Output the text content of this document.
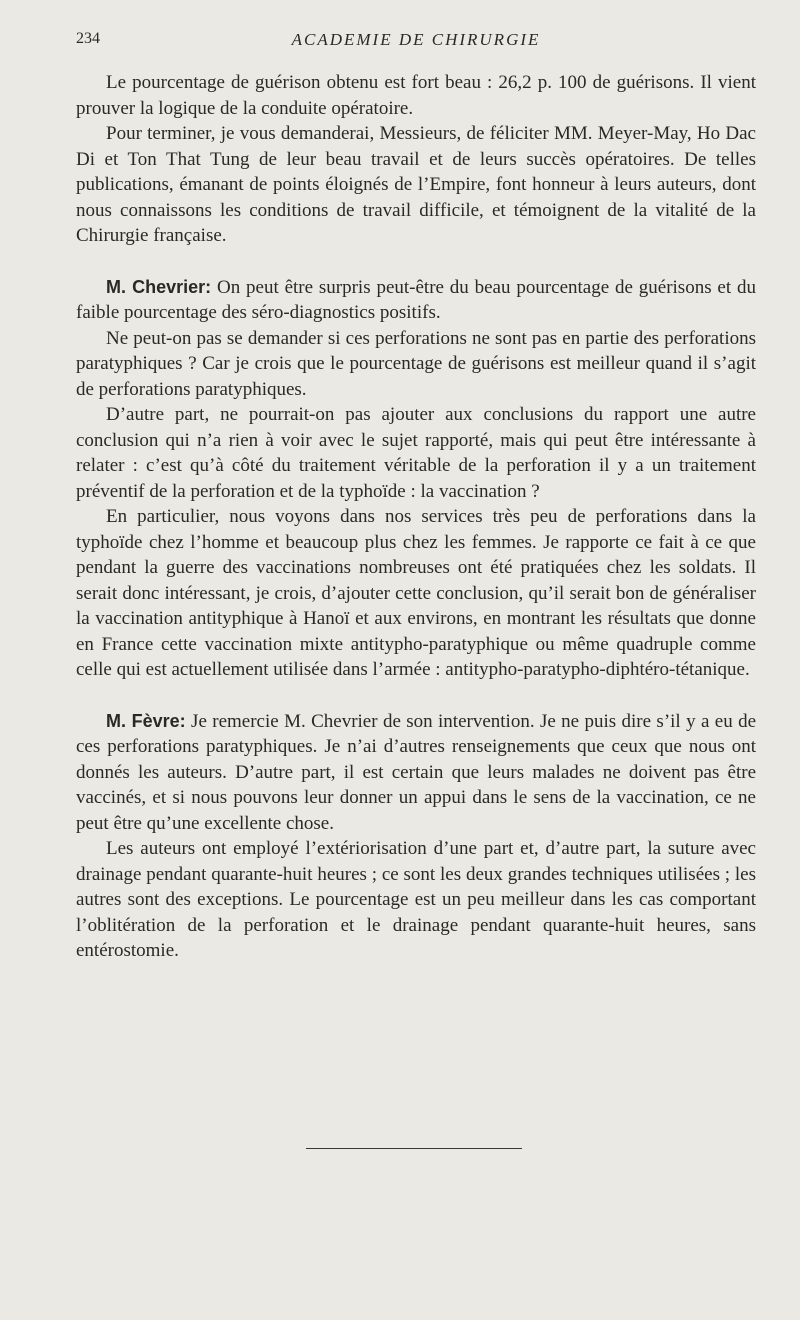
234	ACADEMIE DE CHIRURGIE

Le pourcentage de guérison obtenu est fort beau : 26,2 p. 100 de guérisons. Il vient prouver la logique de la conduite opératoire.

Pour terminer, je vous demanderai, Messieurs, de féliciter MM. Meyer-May, Ho Dac Di et Ton That Tung de leur beau travail et de leurs succès opératoires. De telles publications, émanant de points éloignés de l’Empire, font honneur à leurs auteurs, dont nous connaissons les conditions de travail difficile, et témoignent de la vitalité de la Chirurgie française.

M. Chevrier: On peut être surpris peut-être du beau pourcentage de guérisons et du faible pourcentage des séro-diagnostics positifs.

Ne peut-on pas se demander si ces perforations ne sont pas en partie des perforations paratyphiques ? Car je crois que le pourcentage de guérisons est meilleur quand il s’agit de perforations paratyphiques.

D’autre part, ne pourrait-on pas ajouter aux conclusions du rapport une autre conclusion qui n’a rien à voir avec le sujet rapporté, mais qui peut être intéressante à relater : c’est qu’à côté du traitement véritable de la perforation il y a un traitement préventif de la perforation et de la typhoïde : la vaccination ?

En particulier, nous voyons dans nos services très peu de perforations dans la typhoïde chez l’homme et beaucoup plus chez les femmes. Je rapporte ce fait à ce que pendant la guerre des vaccinations nombreuses ont été pratiquées chez les soldats. Il serait donc intéressant, je crois, d’ajouter cette conclusion, qu’il serait bon de généraliser la vaccination antityphique à Hanoï et aux environs, en montrant les résultats que donne en France cette vaccination mixte antitypho-paratyphique ou même quadruple comme celle qui est actuellement utilisée dans l’armée : antitypho-paratypho-diphtéro-tétanique.

M. Fèvre: Je remercie M. Chevrier de son intervention. Je ne puis dire s’il y a eu de ces perforations paratyphiques. Je n’ai d’autres renseignements que ceux que nous ont donnés les auteurs. D’autre part, il est certain que leurs malades ne doivent pas être vaccinés, et si nous pouvons leur donner un appui dans le sens de la vaccination, ce ne peut être qu’une excellente chose.

Les auteurs ont employé l’extériorisation d’une part et, d’autre part, la suture avec drainage pendant quarante-huit heures ; ce sont les deux grandes techniques utilisées ; les autres sont des exceptions. Le pourcentage est un peu meilleur dans les cas comportant l’oblitération de la perforation et le drainage pendant quarante-huit heures, sans entérostomie.
